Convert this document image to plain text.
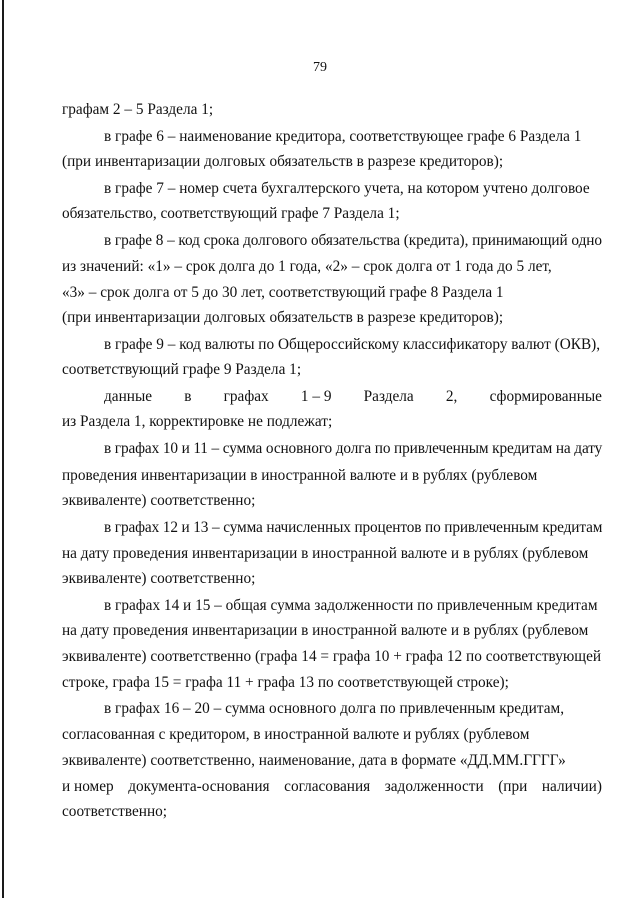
79
графам 2 – 5 Раздела 1;
в графе 6 – наименование кредитора, соответствующее графе 6 Раздела 1
(при инвентаризации долговых обязательств в разрезе кредиторов);
в графе 7 – номер счета бухгалтерского учета, на котором учтено долговое
обязательство, соответствующий графе 7 Раздела 1;
в графе 8 – код срока долгового обязательства (кредита), принимающий одно
из значений: «1» – срок долга до 1 года, «2» – срок долга от 1 года до 5 лет,
«3» – срок долга от 5 до 30 лет, соответствующий графе 8 Раздела 1
(при инвентаризации долговых обязательств в разрезе кредиторов);
в графе 9 – код валюты по Общероссийскому классификатору валют (ОКВ),
соответствующий графе 9 Раздела 1;
данные в графах 1 – 9 Раздела 2, сформированные
из Раздела 1, корректировке не подлежат;
в графах 10 и 11 – сумма основного долга по привлеченным кредитам на дату
проведения инвентаризации в иностранной валюте и в рублях (рублевом
эквиваленте) соответственно;
в графах 12 и 13 – сумма начисленных процентов по привлеченным кредитам
на дату проведения инвентаризации в иностранной валюте и в рублях (рублевом
эквиваленте) соответственно;
в графах 14 и 15 – общая сумма задолженности по привлеченным кредитам
на дату проведения инвентаризации в иностранной валюте и в рублях (рублевом
эквиваленте) соответственно (графа 14 = графа 10 + графа 12 по соответствующей
строке, графа 15 = графа 11 + графа 13 по соответствующей строке);
в графах 16 – 20 – сумма основного долга по привлеченным кредитам,
согласованная с кредитором, в иностранной валюте и рублях (рублевом
эквиваленте) соответственно, наименование, дата в формате «ДД.ММ.ГГГГ»
и номер документа-основания согласования задолженности (при наличии)
соответственно;
